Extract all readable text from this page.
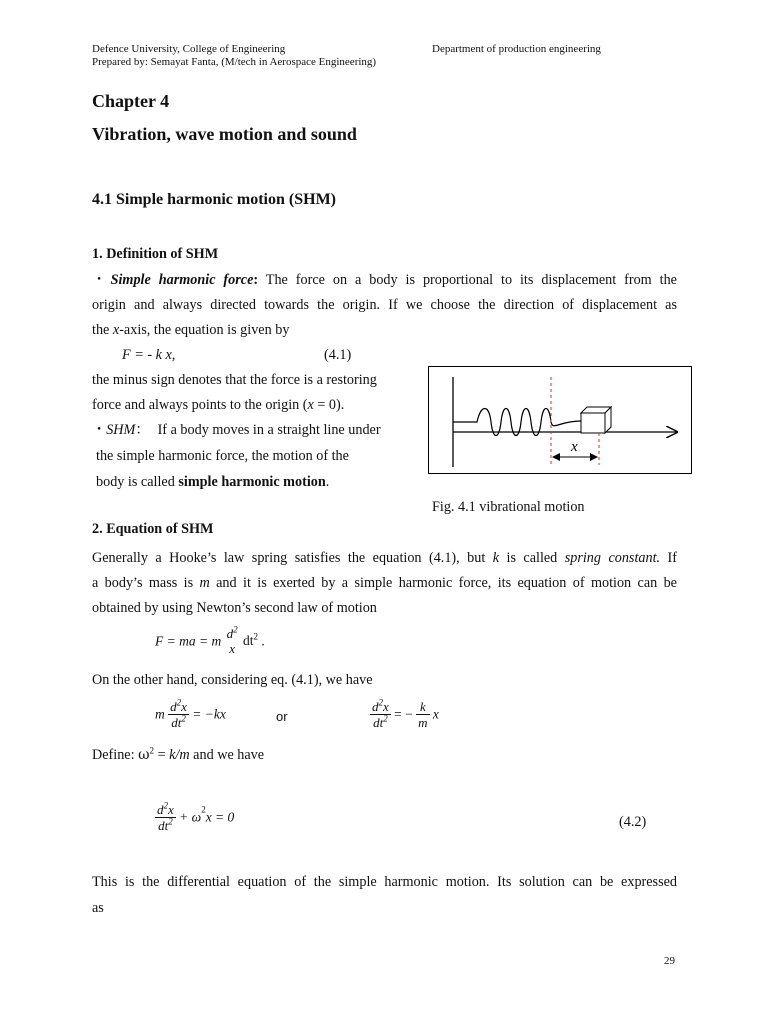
Defence University, College of Engineering	Department of production engineering
Prepared by: Semayat Fanta, (M/tech in Aerospace Engineering)
Chapter 4
Vibration, wave motion and sound
4.1 Simple harmonic motion (SHM)
1. Definition of SHM
・Simple harmonic force: The force on a body is proportional to its displacement from the
origin and always directed towards the origin. If we choose the direction of displacement as
the x-axis, the equation is given by
F = - k x,	(4.1)
the minus sign denotes that the force is a restoring
force and always points to the origin (x = 0).
・SHM： If a body moves in a straight line under
the simple harmonic force, the motion of the
body is called simple harmonic motion.
x
Fig. 4.1 vibrational motion
2. Equation of SHM
Generally a Hooke’s law spring satisfies the equation (4.1), but k is called spring constant. If
a body’s mass is m and it is exerted by a simple harmonic force, its equation of motion can be
obtained by using Newton’s second law of motion
F = ma = m $d^2$
x $dt^2$ .
On the other hand, considering eq. (4.1), we have
m $\frac{d^2x}{dt^2} = -kx$	or	$\frac{d^2x}{dt^2}$ = − $\frac{k}{m}$ x
Define: $\omega^2 = k/m$ and we have
$\frac{d^2x}{dt^2} + \omega^2x = 0$	(4.2)
This is the differential equation of the simple harmonic motion. Its solution can be expressed
as
29
